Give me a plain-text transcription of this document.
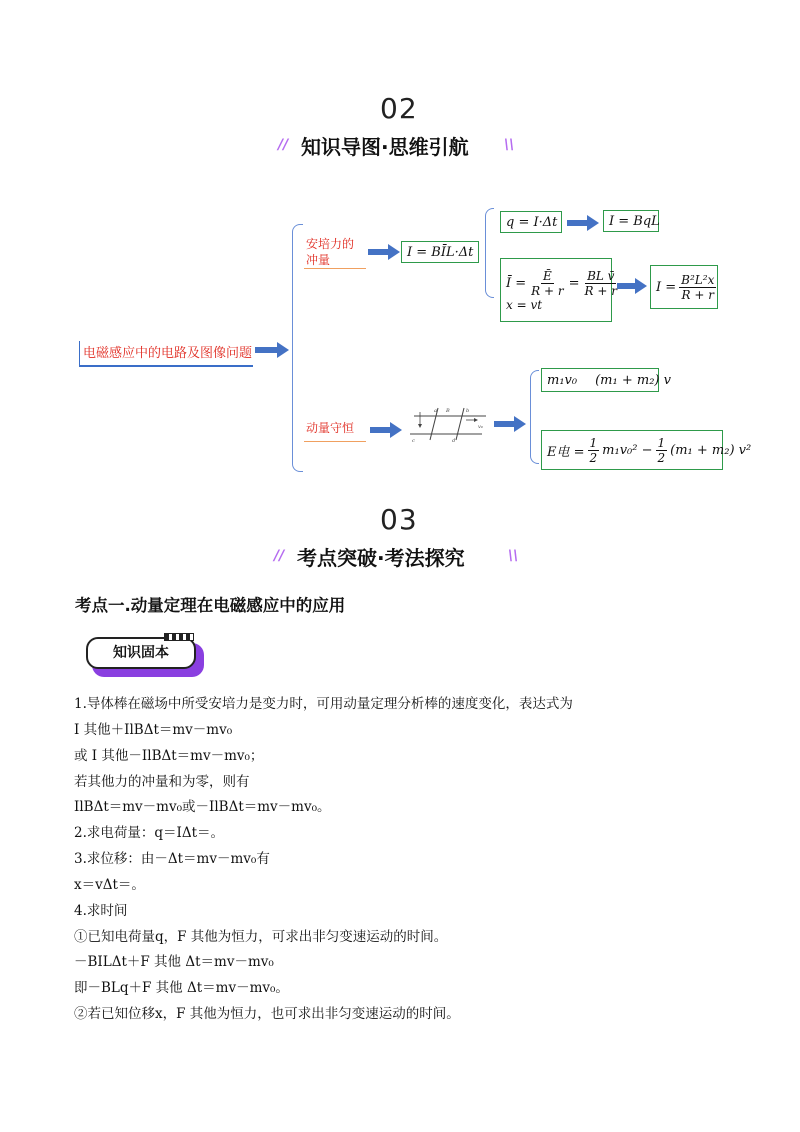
02
// 知识导图·思维引航	\\
电磁感应中的电路及图像问题
安培力的
冲量
I = BĪL·Δt
q = I·Δt	I = BqL
Ī = $\frac{Ē}{R + r} = \frac{\text{BL v̄}}{R + r}$
x = vt
$I = \frac{\text{B²L²x}}{R + r}$
动量守恒
a B	b
v₀
c	d
m₁v₀ (m₁ + m₂) v
E电 = $\frac{1}{2} m_1v_0^2 - \frac{1}{2} (m_1 + m_2)$ v²
03
// 考点突破·考法探究	\\
考点一.动量定理在电磁感应中的应用
知识固本
1.导体棒在磁场中所受安培力是变力时，可用动量定理分析棒的速度变化，表达式为
I 其他＋IlBΔt＝mv－mv₀
或 I 其他－IlBΔt＝mv－mv₀；
若其他力的冲量和为零，则有
IlBΔt＝mv－mv₀或－IlBΔt＝mv－mv₀。
2.求电荷量：q＝IΔt＝。
3.求位移：由－Δt＝mv－mv₀有
x＝vΔt＝。
4.求时间
①已知电荷量q，F 其他为恒力，可求出非匀变速运动的时间。
－BILΔt＋F 其他 Δt＝mv－mv₀
即－BLq＋F 其他 Δt＝mv－mv₀。
②若已知位移x，F 其他为恒力，也可求出非匀变速运动的时间。
